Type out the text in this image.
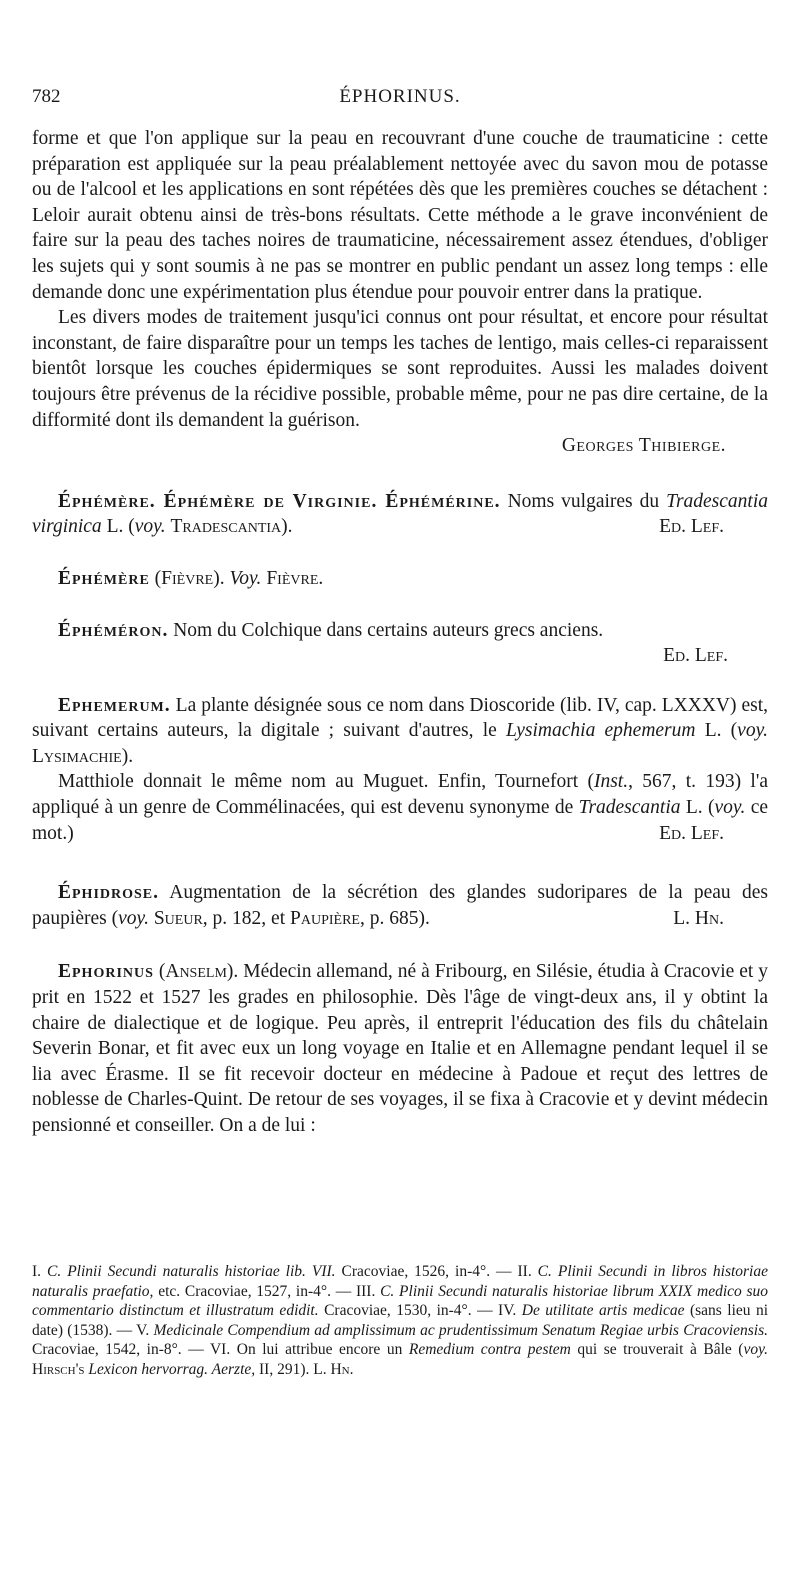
782	ÉPHORINUS.

forme et que l'on applique sur la peau en recouvrant d'une couche de traumaticine : cette préparation est appliquée sur la peau préalablement nettoyée avec du savon mou de potasse ou de l'alcool et les applications en sont répétées dès que les premières couches se détachent : Leloir aurait obtenu ainsi de très-bons résultats. Cette méthode a le grave inconvénient de faire sur la peau des taches noires de traumaticine, nécessairement assez étendues, d'obliger les sujets qui y sont soumis à ne pas se montrer en public pendant un assez long temps : elle demande donc une expérimentation plus étendue pour pouvoir entrer dans la pratique.

Les divers modes de traitement jusqu'ici connus ont pour résultat, et encore pour résultat inconstant, de faire disparaître pour un temps les taches de lentigo, mais celles-ci reparaissent bientôt lorsque les couches épidermiques se sont reproduites. Aussi les malades doivent toujours être prévenus de la récidive possible, probable même, pour ne pas dire certaine, de la difformité dont ils demandent la guérison.

Georges Thibierge.

Éphémère. Éphémère de Virginie. Éphémérine. Noms vulgaires du Tradescantia virginica L. (voy. Tradescantia).	Ed. Lef.

Éphémère (Fièvre). Voy. Fièvre.

Éphéméron. Nom du Colchique dans certains auteurs grecs anciens.

Ed. Lef.

Ephemerum. La plante désignée sous ce nom dans Dioscoride (lib. IV, cap. LXXXV) est, suivant certains auteurs, la digitale ; suivant d'autres, le Lysimachia ephemerum L. (voy. Lysimachie).

Matthiole donnait le même nom au Muguet. Enfin, Tournefort (Inst., 567, t. 193) l'a appliqué à un genre de Commélinacées, qui est devenu synonyme de Tradescantia L. (voy. ce mot.)	Ed. Lef.

Éphidrose. Augmentation de la sécrétion des glandes sudoripares de la peau des paupières (voy. Sueur, p. 182, et Paupière, p. 685).	L. Hn.

Ephorinus (Anselm). Médecin allemand, né à Fribourg, en Silésie, étudia à Cracovie et y prit en 1522 et 1527 les grades en philosophie. Dès l'âge de vingt-deux ans, il y obtint la chaire de dialectique et de logique. Peu après, il entreprit l'éducation des fils du châtelain Severin Bonar, et fit avec eux un long voyage en Italie et en Allemagne pendant lequel il se lia avec Érasme. Il se fit recevoir docteur en médecine à Padoue et reçut des lettres de noblesse de Charles-Quint. De retour de ses voyages, il se fixa à Cracovie et y devint médecin pensionné et conseiller. On a de lui :

I. C. Plinii Secundi naturalis historiae lib. VII. Cracoviae, 1526, in-4°. — II. C. Plinii Secundi in libros historiae naturalis praefatio, etc. Cracoviae, 1527, in-4°. — III. C. Plinii Secundi naturalis historiae librum XXIX medico suo commentario distinctum et illustratum edidit. Cracoviae, 1530, in-4°. — IV. De utilitate artis medicae (sans lieu ni date) (1538). — V. Medicinale Compendium ad amplissimum ac prudentissimum Senatum Regiae urbis Cracoviensis. Cracoviae, 1542, in-8°. — VI. On lui attribue encore un Remedium contra pestem qui se trouverait à Bâle (voy. Hirsch's Lexicon hervorrag. Aerzte, II, 291). L. Hn.
